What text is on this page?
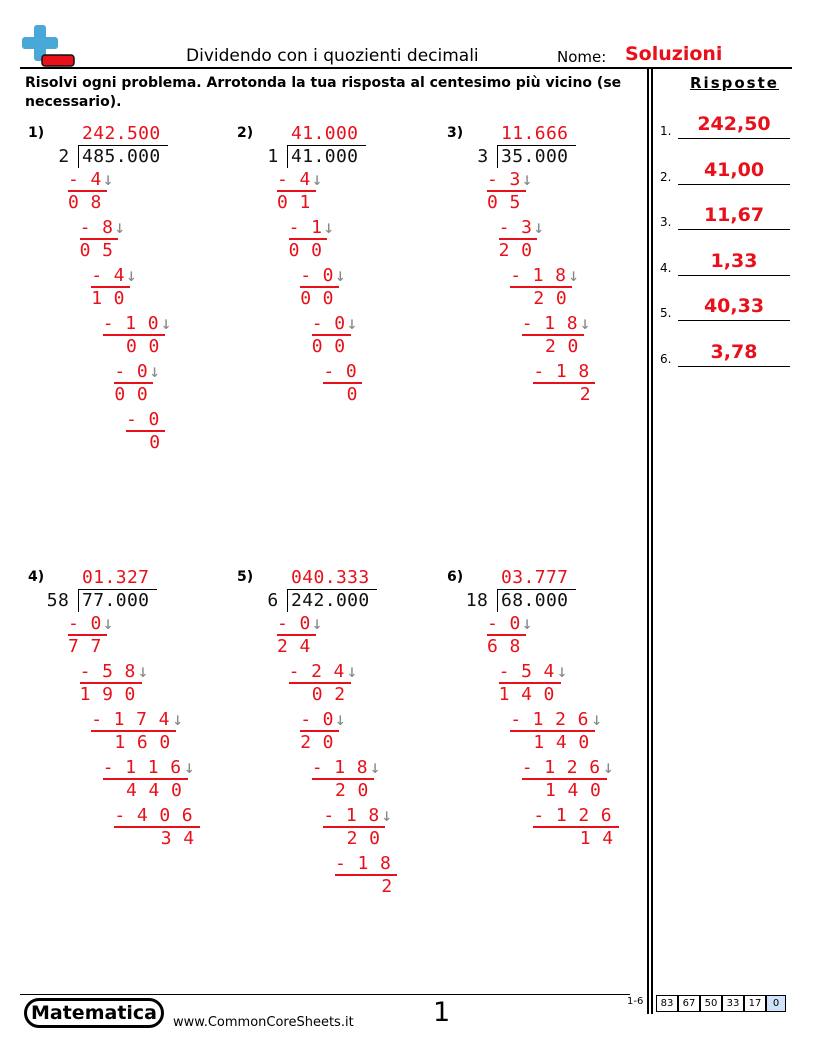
Dividendo con i quozienti decimali	Nome: Soluzioni
Risolvi ogni problema. Arrotonda la tua risposta al centesimo più vicino (se necessario).
Risposte
1.	242,50
2.	41,00
3.	11,67
4.	1,33
5.	40,33
6.	3,78
1)
2 485.000
242.500
- 4 ↓
0 8
- 8 ↓
0 5
- 4 ↓
1 0
- 1 0 ↓
0 0
- 0 ↓
0 0
- 0
0
2)
1 41.000
41.000
- 4 ↓
0 1
- 1 ↓
0 0
- 0 ↓
0 0
- 0 ↓
0 0
- 0
0
3)
3 35.000
11.666
- 3 ↓
0 5
- 3 ↓
2 0
- 1 8 ↓
2 0
- 1 8 ↓
2 0
- 1 8
2
4)
58 77.000
01.327
- 0 ↓
7 7
- 5 8 ↓
1 9 0
- 1 7 4 ↓
1 6 0
- 1 1 6 ↓
4 4 0
- 4 0 6
3 4
5)
6 242.000
040.333
- 0 ↓
2 4
- 2 4 ↓
0 2
- 0 ↓
2 0
- 1 8 ↓
2 0
- 1 8 ↓
2 0
- 1 8
2
6)
18 68.000
03.777
- 0 ↓
6 8
- 5 4 ↓
1 4 0
- 1 2 6 ↓
1 4 0
- 1 2 6 ↓
1 4 0
- 1 2 6
1 4
Matematica	www.CommonCoreSheets.it	1	1-6	83 67 50 33 17	0
